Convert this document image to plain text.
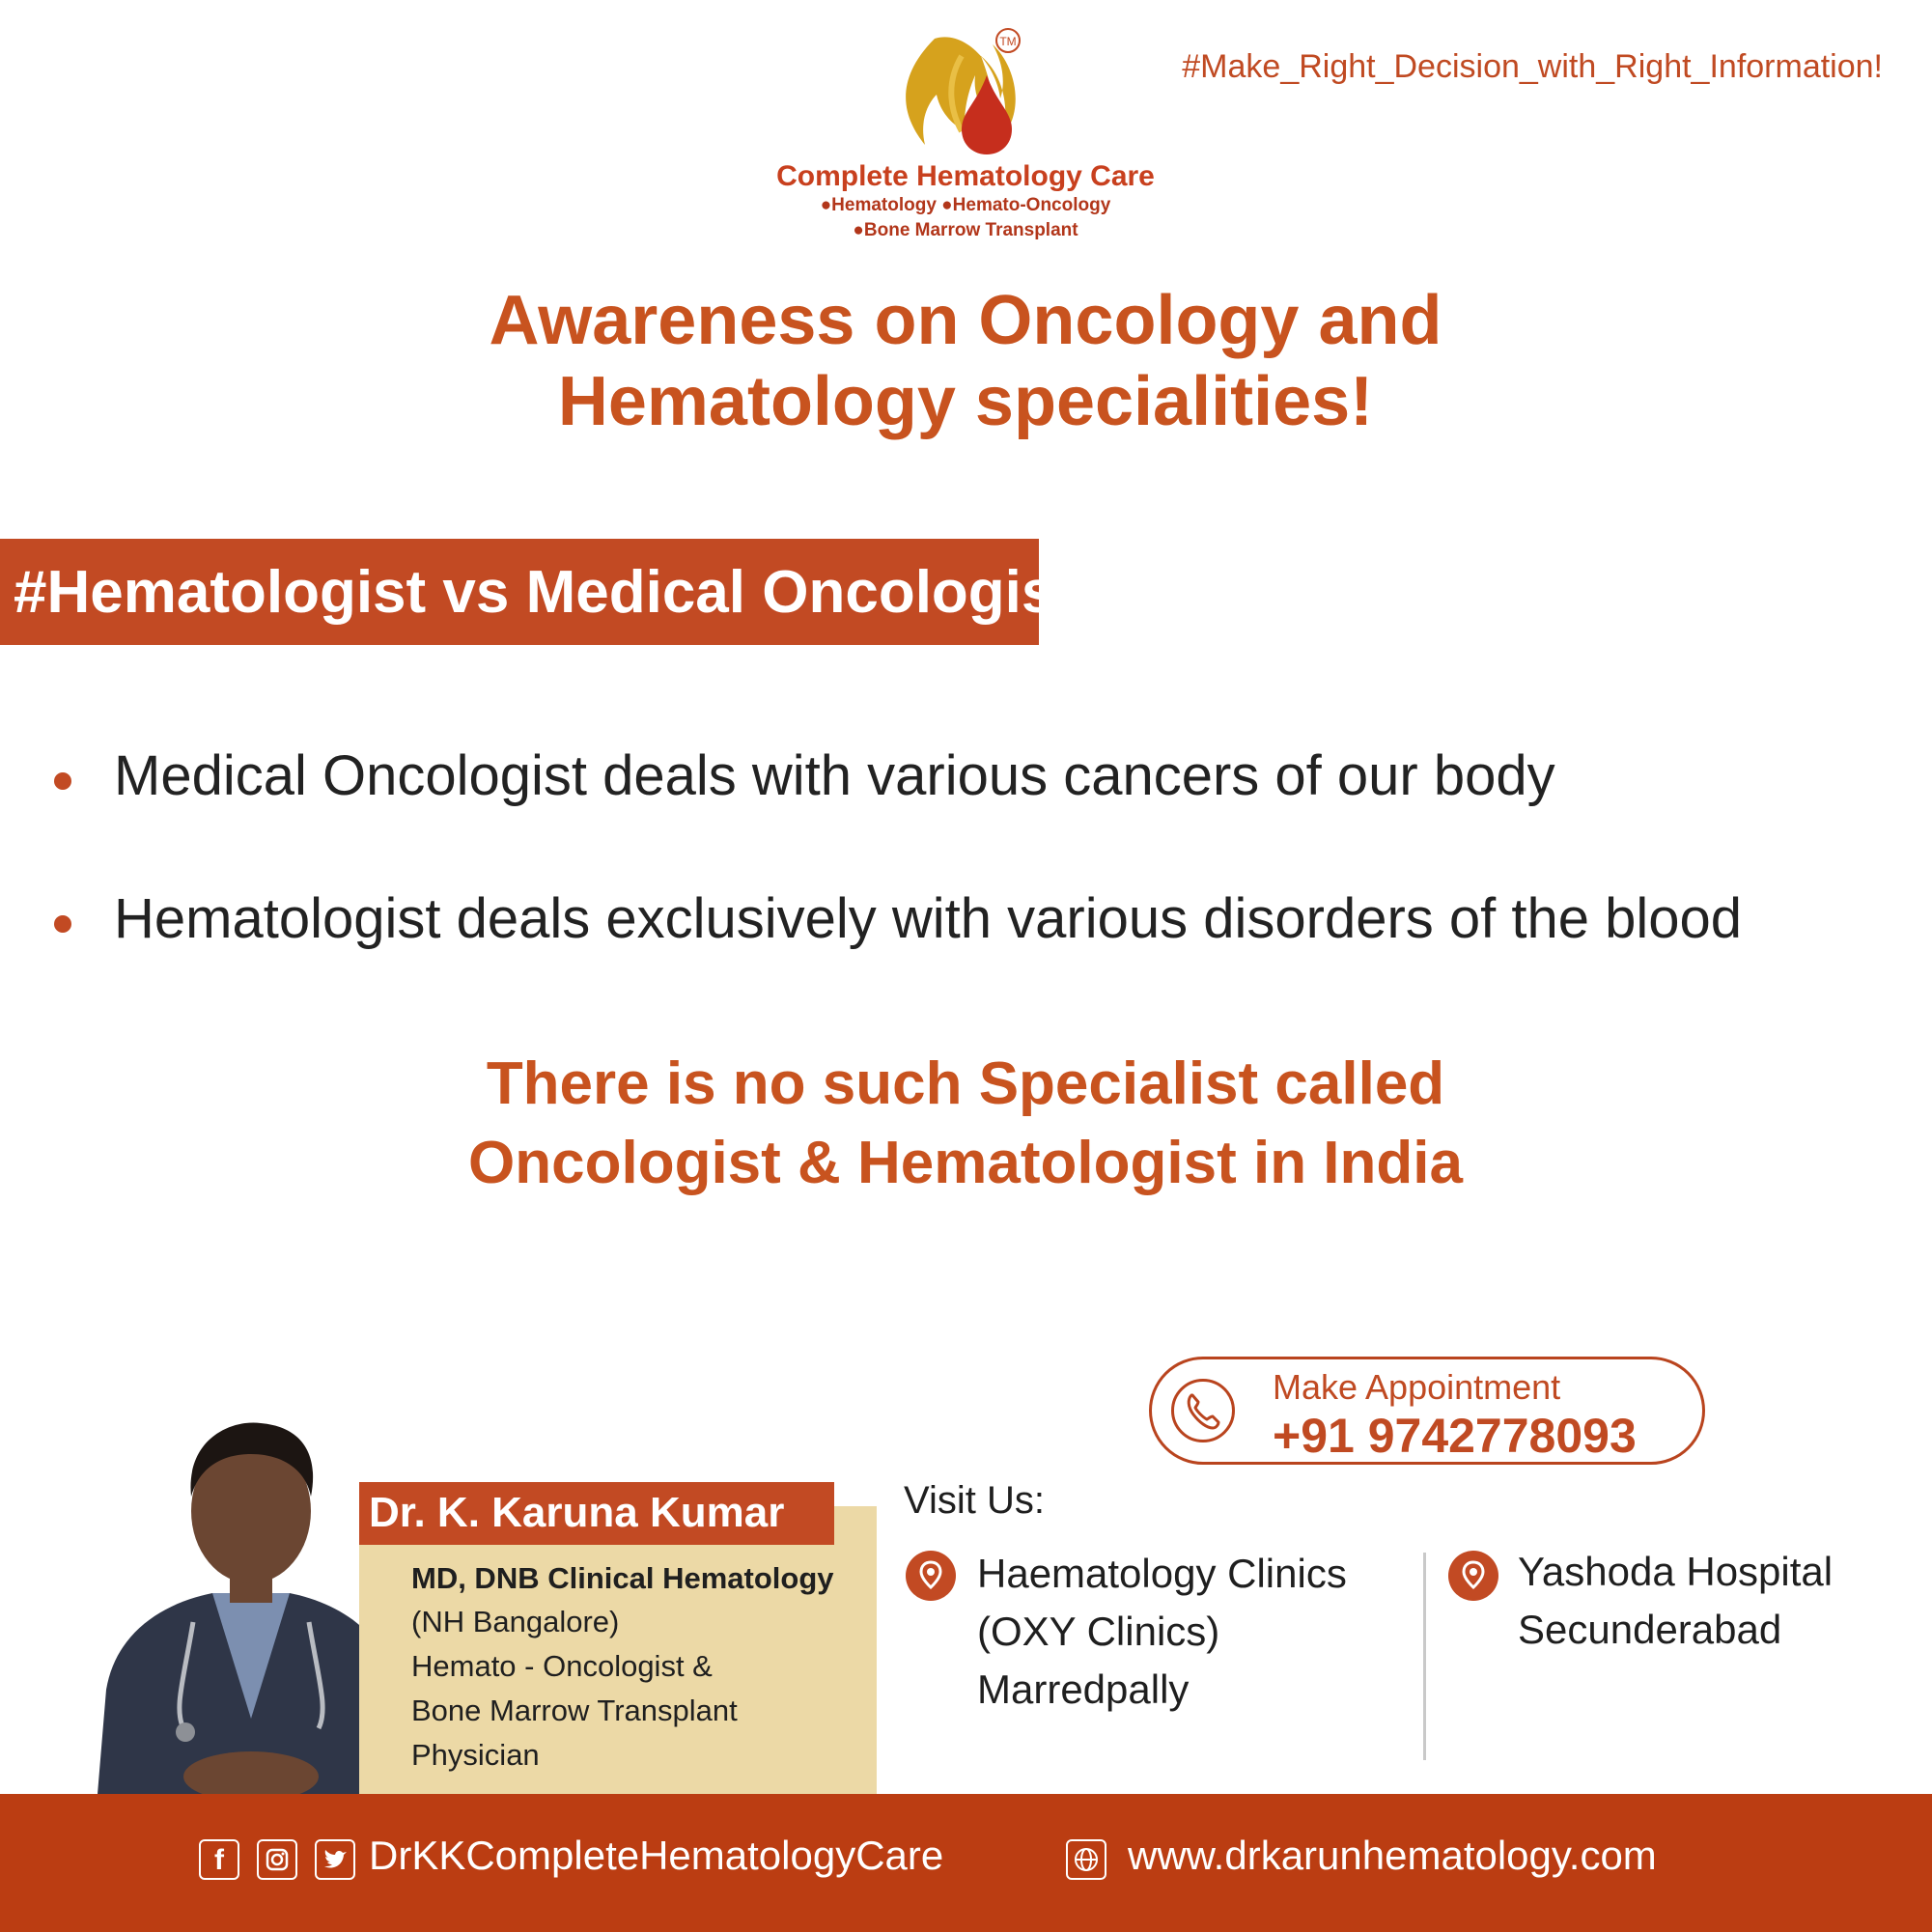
#Make_Right_Decision_with_Right_Information!
TM
Complete Hematology Care
●Hematology ●Hemato-Oncology
●Bone Marrow Transplant
Awareness on Oncology and
Hematology specialities!
#Hematologist vs Medical Oncologist
Medical Oncologist deals with various cancers of our body
Hematologist deals exclusively with various disorders of the blood
There is no such Specialist called
Oncologist & Hematologist in India
Make Appointment
+91 9742778093
Dr. K. Karuna Kumar
MD, DNB Clinical Hematology
(NH Bangalore)
Hemato - Oncologist &
Bone Marrow Transplant
Physician
Visit Us:
Haematology Clinics
(OXY Clinics)
Marredpally
Yashoda Hospital
Secunderabad
f	DrKKCompleteHematologyCare	www.drkarunhematology.com
